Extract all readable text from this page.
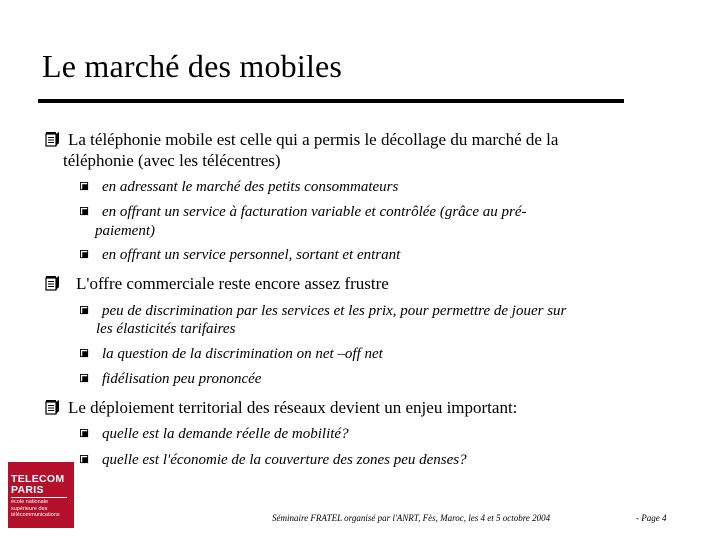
Le marché des mobiles
La téléphonie mobile est celle qui a permis le décollage du marché de la
téléphonie (avec les télécentres)
en adressant le marché des petits consommateurs
en offrant un service à facturation variable et contrôlée (grâce au pré-
paiement)
en offrant un service personnel, sortant et entrant
L'offre commerciale reste encore assez frustre
peu de discrimination par les services et les prix, pour permettre de jouer sur
les élasticités tarifaires
la question de la discrimination on net –off net
fidélisation peu prononcée
Le déploiement territorial des réseaux devient un enjeu important:
quelle est la demande réelle de mobilité?
quelle est l'économie de la couverture des zones peu denses?
TELECOM
PARIS
école nationale supérieure des télécommunications	Séminaire FRATEL organisé par l'ANRT, Fès, Maroc, les 4 et 5 octobre 2004	- Page 4
